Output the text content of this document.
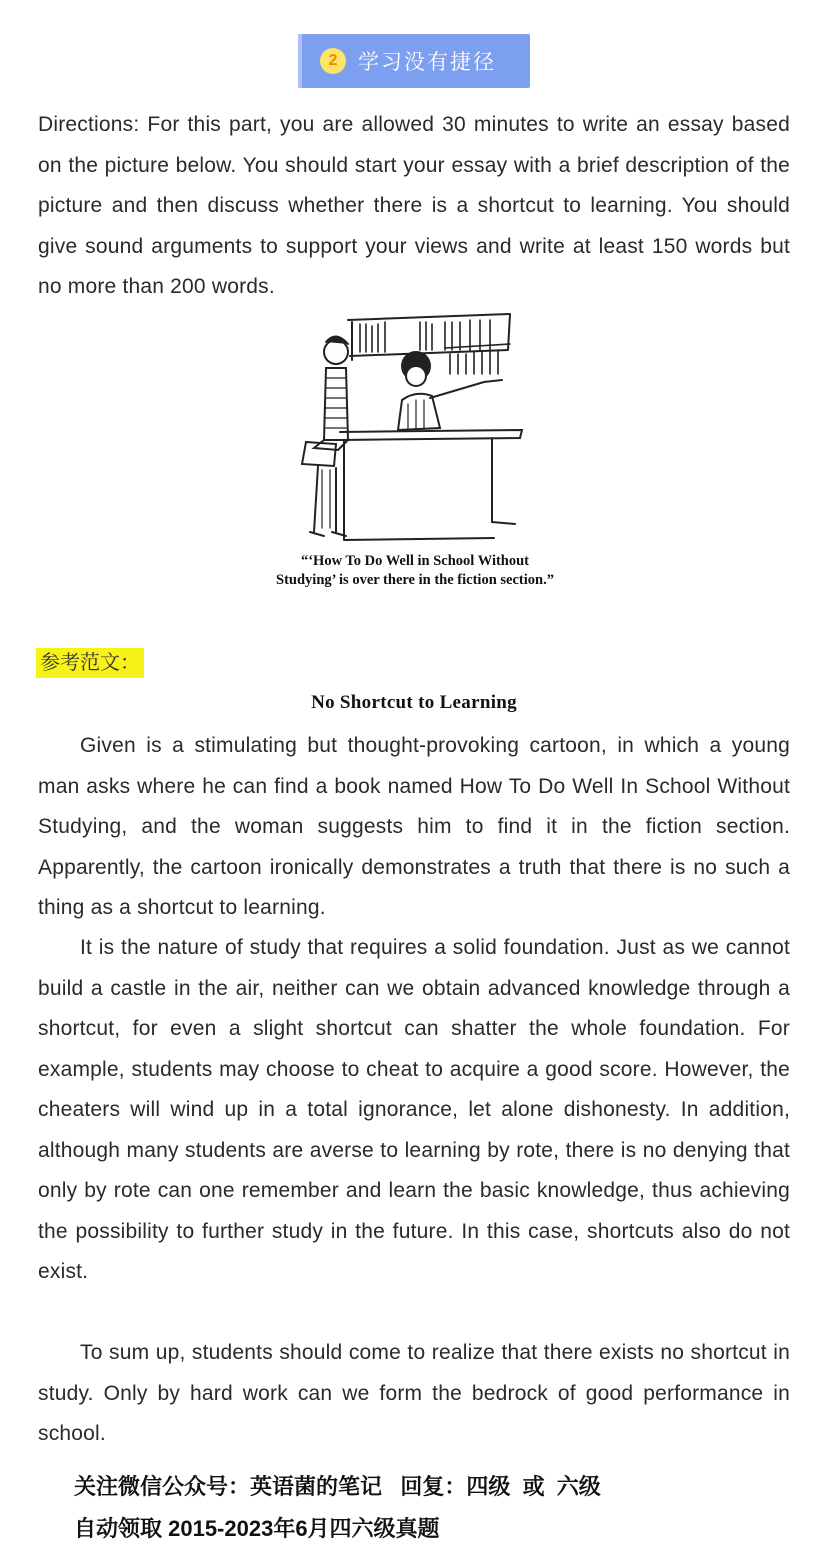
2 学习没有捷径

Directions: For this part, you are allowed 30 minutes to write an essay based on the picture below. You should start your essay with a brief description of the picture and then discuss whether there is a shortcut to learning. You should give sound arguments to support your views and write at least 150 words but no more than 200 words.

“‘How To Do Well in School Without
Studying’ is over there in the fiction section.”
参考范文：
No Shortcut to Learning

Given is a stimulating but thought-provoking cartoon, in which a young man asks where he can find a book named How To Do Well In School Without Studying, and the woman suggests him to find it in the fiction section. Apparently, the cartoon ironically demonstrates a truth that there is no such a thing as a shortcut to learning.

It is the nature of study that requires a solid foundation. Just as we cannot build a castle in the air, neither can we obtain advanced knowledge through a shortcut, for even a slight shortcut can shatter the whole foundation. For example, students may choose to cheat to acquire a good score. However, the cheaters will wind up in a total ignorance, let alone dishonesty. In addition, although many students are averse to learning by rote, there is no denying that only by rote can one remember and learn the basic knowledge, thus achieving the possibility to further study in the future. In this case, shortcuts also do not exist.

To sum up, students should come to realize that there exists no shortcut in study. Only by hard work can we form the bedrock of good performance in school.

关注微信公众号：英语菌的笔记   回复：四级  或  六级
自动领取 2015-2023年6月四六级真题
